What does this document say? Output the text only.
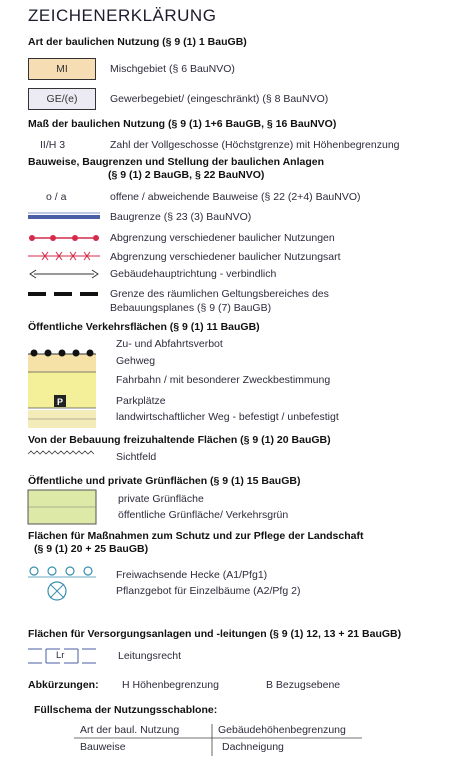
ZEICHENERKLÄRUNG
Art der baulichen Nutzung (§ 9 (1) 1 BauGB)
MI	Mischgebiet (§ 6 BauNVO)
GE/(e)	Gewerbegebiet/ (eingeschränkt) (§ 8 BauNVO)
Maß der baulichen Nutzung (§ 9 (1) 1+6 BauGB, § 16 BauNVO)
II/H 3	Zahl der Vollgeschosse (Höchstgrenze) mit Höhenbegrenzung
Bauweise, Baugrenzen und Stellung der baulichen Anlagen
(§ 9 (1) 2 BauGB, § 22 BauNVO)
o / a	offene / abweichende Bauweise (§ 22 (2+4) BauNVO)
Baugrenze (§ 23 (3) BauNVO)
Abgrenzung verschiedener baulicher Nutzungen
Abgrenzung verschiedener baulicher Nutzungsart
Gebäudehauptrichtung - verbindlich
Grenze des räumlichen Geltungsbereiches des
Bebauungsplanes (§ 9 (7) BauGB)
Öffentliche Verkehrsflächen (§ 9 (1) 11 BauGB)
P
Zu- und Abfahrtsverbot
Gehweg
Fahrbahn / mit besonderer Zweckbestimmung
Parkplätze
landwirtschaftlicher Weg - befestigt / unbefestigt
Von der Bebauung freizuhaltende Flächen (§ 9 (1) 20 BauGB)
Sichtfeld
Öffentliche und private Grünflächen (§ 9 (1) 15 BauGB)
private Grünfläche
öffentliche Grünfläche/ Verkehrsgrün
Flächen für Maßnahmen zum Schutz und zur Pflege der Landschaft
(§ 9 (1) 20 + 25 BauGB)
Freiwachsende Hecke (A1/Pfg1)
Pflanzgebot für Einzelbäume (A2/Pfg 2)
Flächen für Versorgungsanlagen und -leitungen (§ 9 (1) 12, 13 + 21 BauGB)
Lr	Leitungsrecht
Abkürzungen: H Höhenbegrenzung	B Bezugsebene
Füllschema der Nutzungsschablone:
Art der baul. Nutzung	Gebäudehöhenbegrenzung
Bauweise	Dachneigung
